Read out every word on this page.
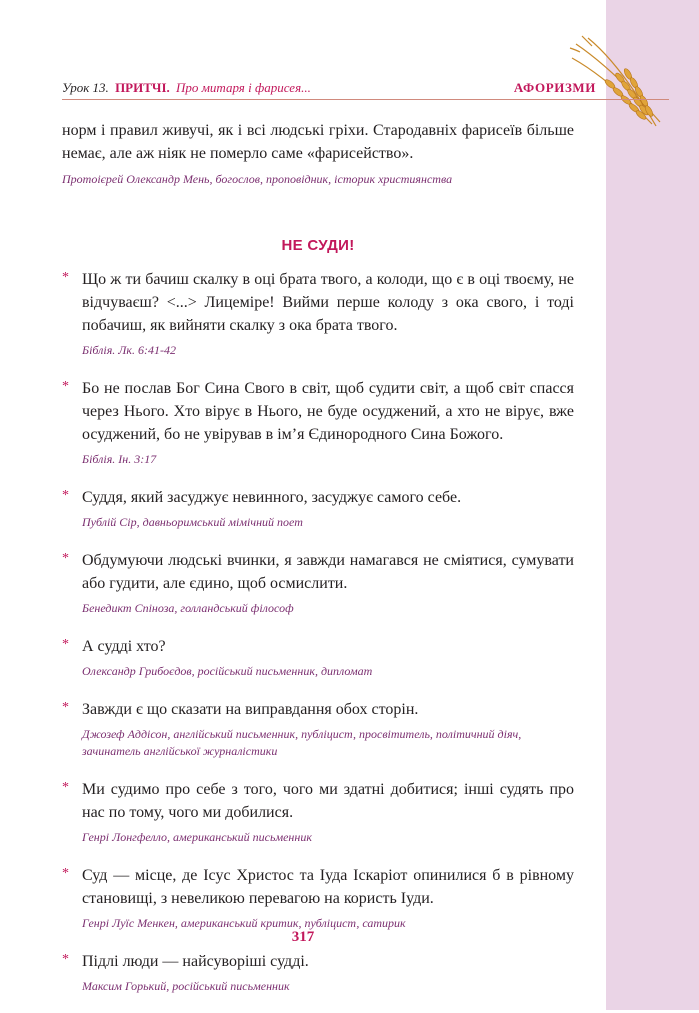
Урок 13. ПРИТЧІ. Про митаря і фарисея...	АФОРИЗМИ

норм і правил живучі, як і всі людські гріхи. Стародавніх фарисеїв більше немає, але аж ніяк не померло саме «фарисейство».

Протоієрей Олександр Мень, богослов, проповідник, історик християнства
НЕ СУДИ!
* Що ж ти бачиш скалку в оці брата твого, а колоди, що є в оці твоєму, не відчуваєш? <...> Лицеміре! Вийми перше колоду з ока свого, і тоді побачиш, як вийняти скалку з ока брата твого.

Біблія. Лк. 6:41-42
* Бо не послав Бог Сина Свого в світ, щоб судити світ, а щоб світ спасся через Нього. Хто вірує в Нього, не буде осуджений, а хто не вірує, вже осуджений, бо не увірував в ім’я Єдинородного Сина Божого.

Біблія. Ін. 3:17
* Суддя, який засуджує невинного, засуджує самого себе.

Публій Сір, давньоримський мімічний поет
* Обдумуючи людські вчинки, я завжди намагався не сміятися, сумувати або гудити, але єдино, щоб осмислити.

Бенедикт Спіноза, голландський філософ
* А судді хто?

Олександр Грибоєдов, російський письменник, дипломат
* Завжди є що сказати на виправдання обох сторін.

Джозеф Аддісон, англійський письменник, публіцист, просвітитель, політичний діяч, зачинатель англійської журналістики
* Ми судимо про себе з того, чого ми здатні добитися; інші судять про нас по тому, чого ми добилися.

Генрі Лонгфелло, американський письменник
* Суд — місце, де Ісус Христос та Іуда Іскаріот опинилися б в рівному становищі, з невеликою перевагою на користь Іуди.

Генрі Луїс Менкен, американський критик, публіцист, сатирик
* Підлі люди — найсуворіші судді.

Максим Горький, російський письменник
317
